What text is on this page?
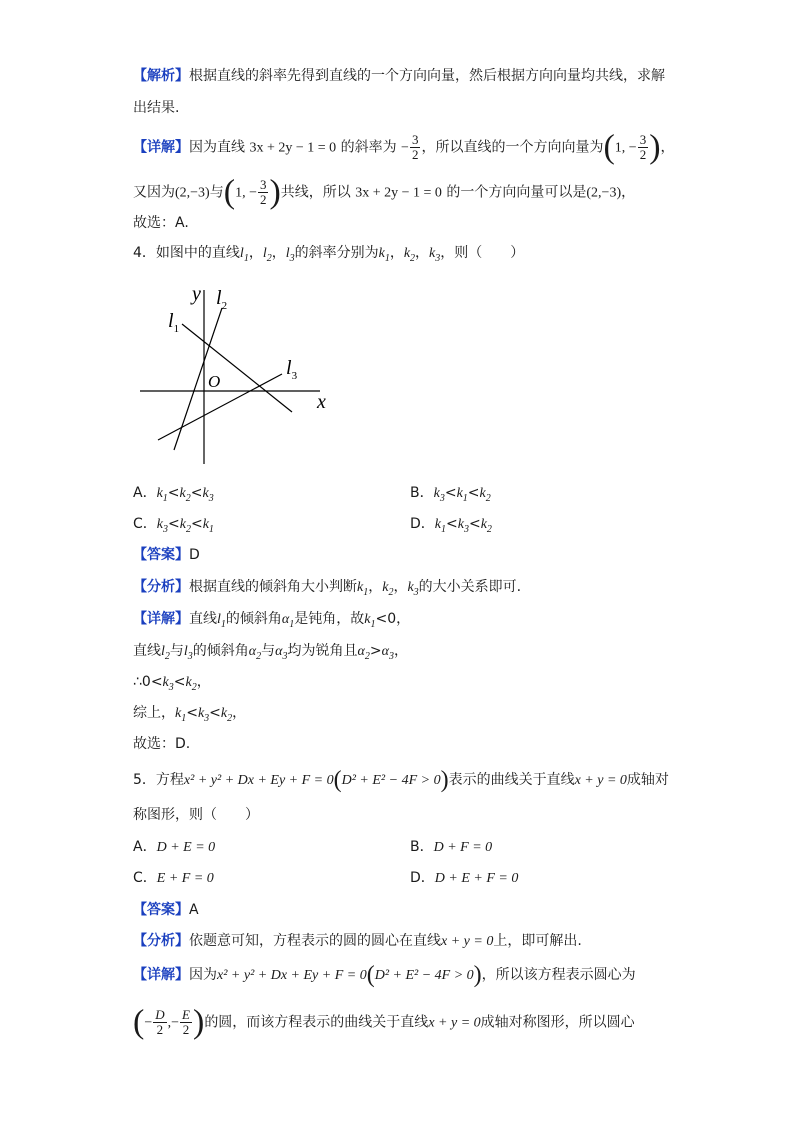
【解析】根据直线的斜率先得到直线的一个方向向量，然后根据方向向量均共线，求解
出结果.
【详解】因为直线 3x + 2y − 1 = 0 的斜率为 − $\frac{3}{2}$ ，所以直线的一个方向向量为(1, − $\frac{3}{2}$ )，
又因为(2,−3)与(1, − $\frac{3}{2}$ )共线，所以 3x + 2y − 1 = 0 的一个方向向量可以是(2,−3)，
故选：A.
4．如图中的直线$l_1$，$l_2$，$l_3$的斜率分别为$k_1$，$k_2$，$k_3$，则（　　）
y
x
O
$l_1$
$l_2$
$l_3$
A．$k_1<k_2<k_3$	B．$k_3<k_1<k_2$
C．$k_3<k_2<k_1$	D．$k_1<k_3<k_2$
【答案】D
【分析】根据直线的倾斜角大小判断$k_1$，$k_2$，$k_3$的大小关系即可.
【详解】直线$l_1$的倾斜角$\alpha_1$是钝角，故$k_1<0$，
直线$l_2$与$l_3$的倾斜角$\alpha_2$与$\alpha_3$均为锐角且$\alpha_2>\alpha_3$，
$\therefore 0<k_3<k_2$，
综上，$k_1<k_3<k_2$，
故选：D.
5．方程x² + y² + Dx + Ey + F = 0(D² + E² − 4F > 0)表示的曲线关于直线x + y = 0成轴对
称图形，则（　　）
A．D + E = 0	B．D + F = 0
C．E + F = 0	D．D + E + F = 0
【答案】A
【分析】依题意可知，方程表示的圆的圆心在直线x + y = 0上，即可解出.
【详解】因为x² + y² + Dx + Ey + F = 0(D² + E² − 4F > 0)，所以该方程表示圆心为
(− $\frac{D}{2}$ ,− $\frac{E}{2}$ )的圆，而该方程表示的曲线关于直线x + y = 0成轴对称图形，所以圆心
